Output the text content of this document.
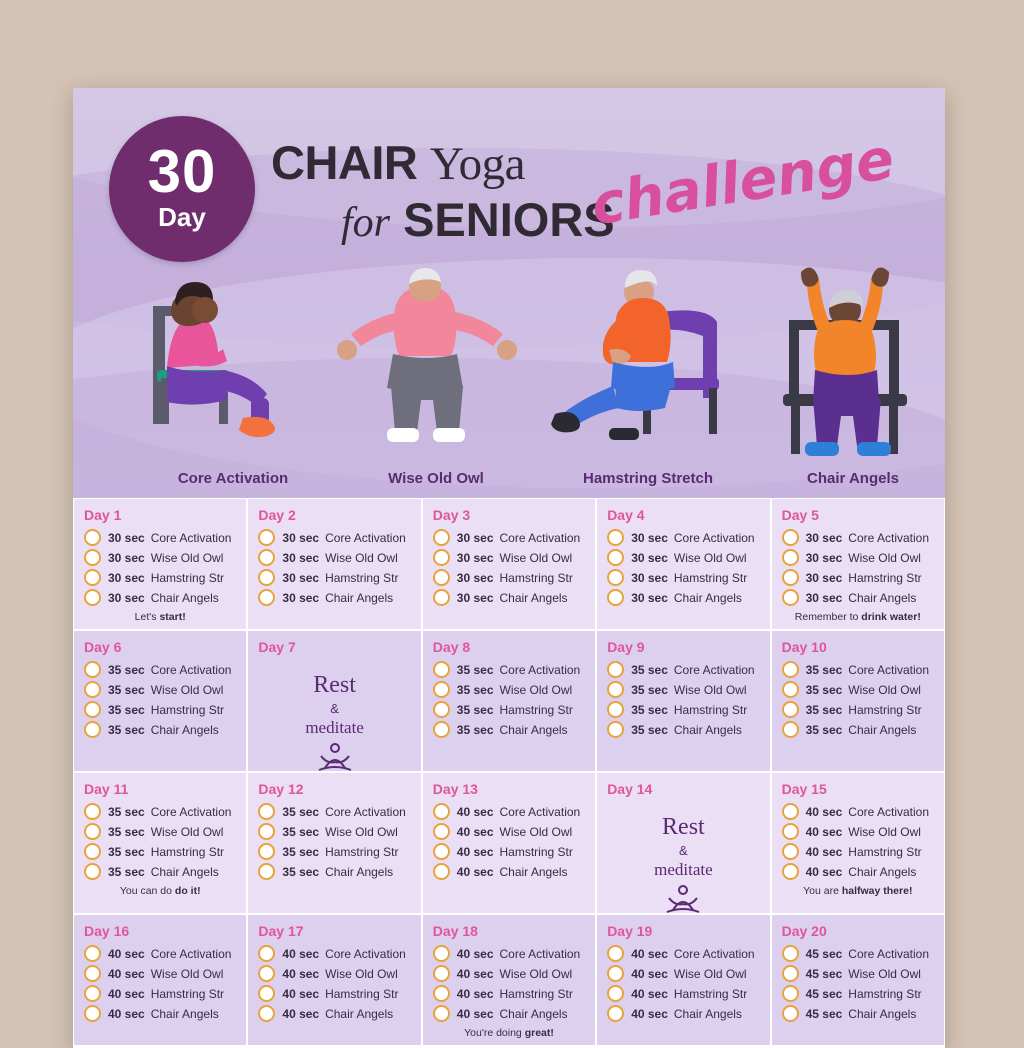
30
Day
CHAIR Yoga
for SENIORS
challenge
Core Activation	Wise Old Owl	Hamstring Stretch	Chair Angels
Day 1
30 sec Core Activation
30 sec Wise Old Owl
30 sec Hamstring Str
30 sec Chair Angels
Let's start!
Day 2
30 sec Core Activation
30 sec Wise Old Owl
30 sec Hamstring Str
30 sec Chair Angels
Day 3
30 sec Core Activation
30 sec Wise Old Owl
30 sec Hamstring Str
30 sec Chair Angels
Day 4
30 sec Core Activation
30 sec Wise Old Owl
30 sec Hamstring Str
30 sec Chair Angels
Day 5
30 sec Core Activation
30 sec Wise Old Owl
30 sec Hamstring Str
30 sec Chair Angels
Remember to drink water!
Day 6
35 sec Core Activation
35 sec Wise Old Owl
35 sec Hamstring Str
35 sec Chair Angels
Day 7
Rest
&
meditate
Day 8
35 sec Core Activation
35 sec Wise Old Owl
35 sec Hamstring Str
35 sec Chair Angels
Day 9
35 sec Core Activation
35 sec Wise Old Owl
35 sec Hamstring Str
35 sec Chair Angels
Day 10
35 sec Core Activation
35 sec Wise Old Owl
35 sec Hamstring Str
35 sec Chair Angels
Day 11
35 sec Core Activation
35 sec Wise Old Owl
35 sec Hamstring Str
35 sec Chair Angels
You can do do it!
Day 12
35 sec Core Activation
35 sec Wise Old Owl
35 sec Hamstring Str
35 sec Chair Angels
Day 13
40 sec Core Activation
40 sec Wise Old Owl
40 sec Hamstring Str
40 sec Chair Angels
Day 14
Rest
&
meditate
Day 15
40 sec Core Activation
40 sec Wise Old Owl
40 sec Hamstring Str
40 sec Chair Angels
You are halfway there!
Day 16
40 sec Core Activation
40 sec Wise Old Owl
40 sec Hamstring Str
40 sec Chair Angels
Day 17
40 sec Core Activation
40 sec Wise Old Owl
40 sec Hamstring Str
40 sec Chair Angels
Day 18
40 sec Core Activation
40 sec Wise Old Owl
40 sec Hamstring Str
40 sec Chair Angels
You're doing great!
Day 19
40 sec Core Activation
40 sec Wise Old Owl
40 sec Hamstring Str
40 sec Chair Angels
Day 20
45 sec Core Activation
45 sec Wise Old Owl
45 sec Hamstring Str
45 sec Chair Angels
